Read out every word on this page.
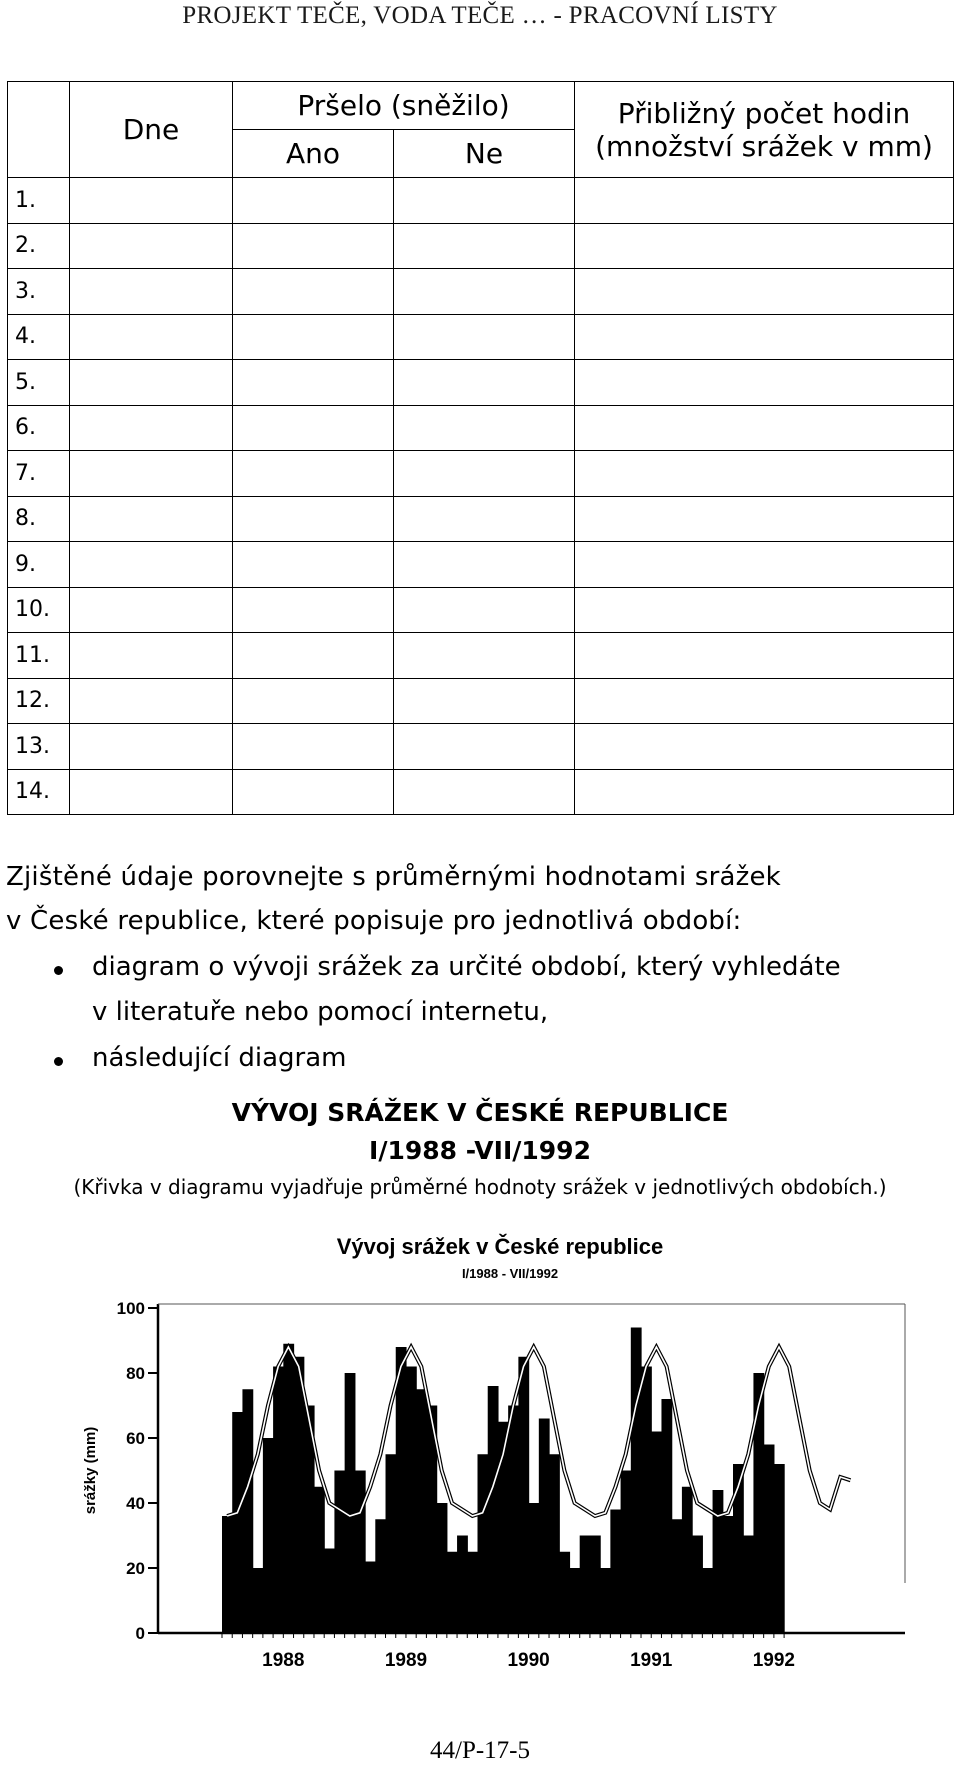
PROJEKT TEČE, VODA TEČE … - PRACOVNÍ LISTY
	Dne	Pršelo (sněžilo)		Přibližný počet hodin
(množství srážek v mm)

		Ano	Ne	
1.				
2.				
3.				
4.				
5.				
6.				
7.				
8.				
9.				
10.				
11.				
12.				
13.				
14.				
Zjištěné údaje porovnejte s průměrnými hodnotami srážek
v České republice, které popisuje pro jednotlivá období:
diagram o vývoji srážek za určité období, který vyhledáte
v literatuře nebo pomocí internetu,
následující diagram
VÝVOJ SRÁŽEK V ČESKÉ REPUBLICE
I/1988 -VII/1992
(Křivka v diagramu vyjadřuje průměrné hodnoty srážek v jednotlivých obdobích.)
Vývoj srážek v České republice
I/1988 - VII/1992
srážky (mm)
0
20
40
60
80
100
1988	1989	1990	1991	1992
44/P-17-5
